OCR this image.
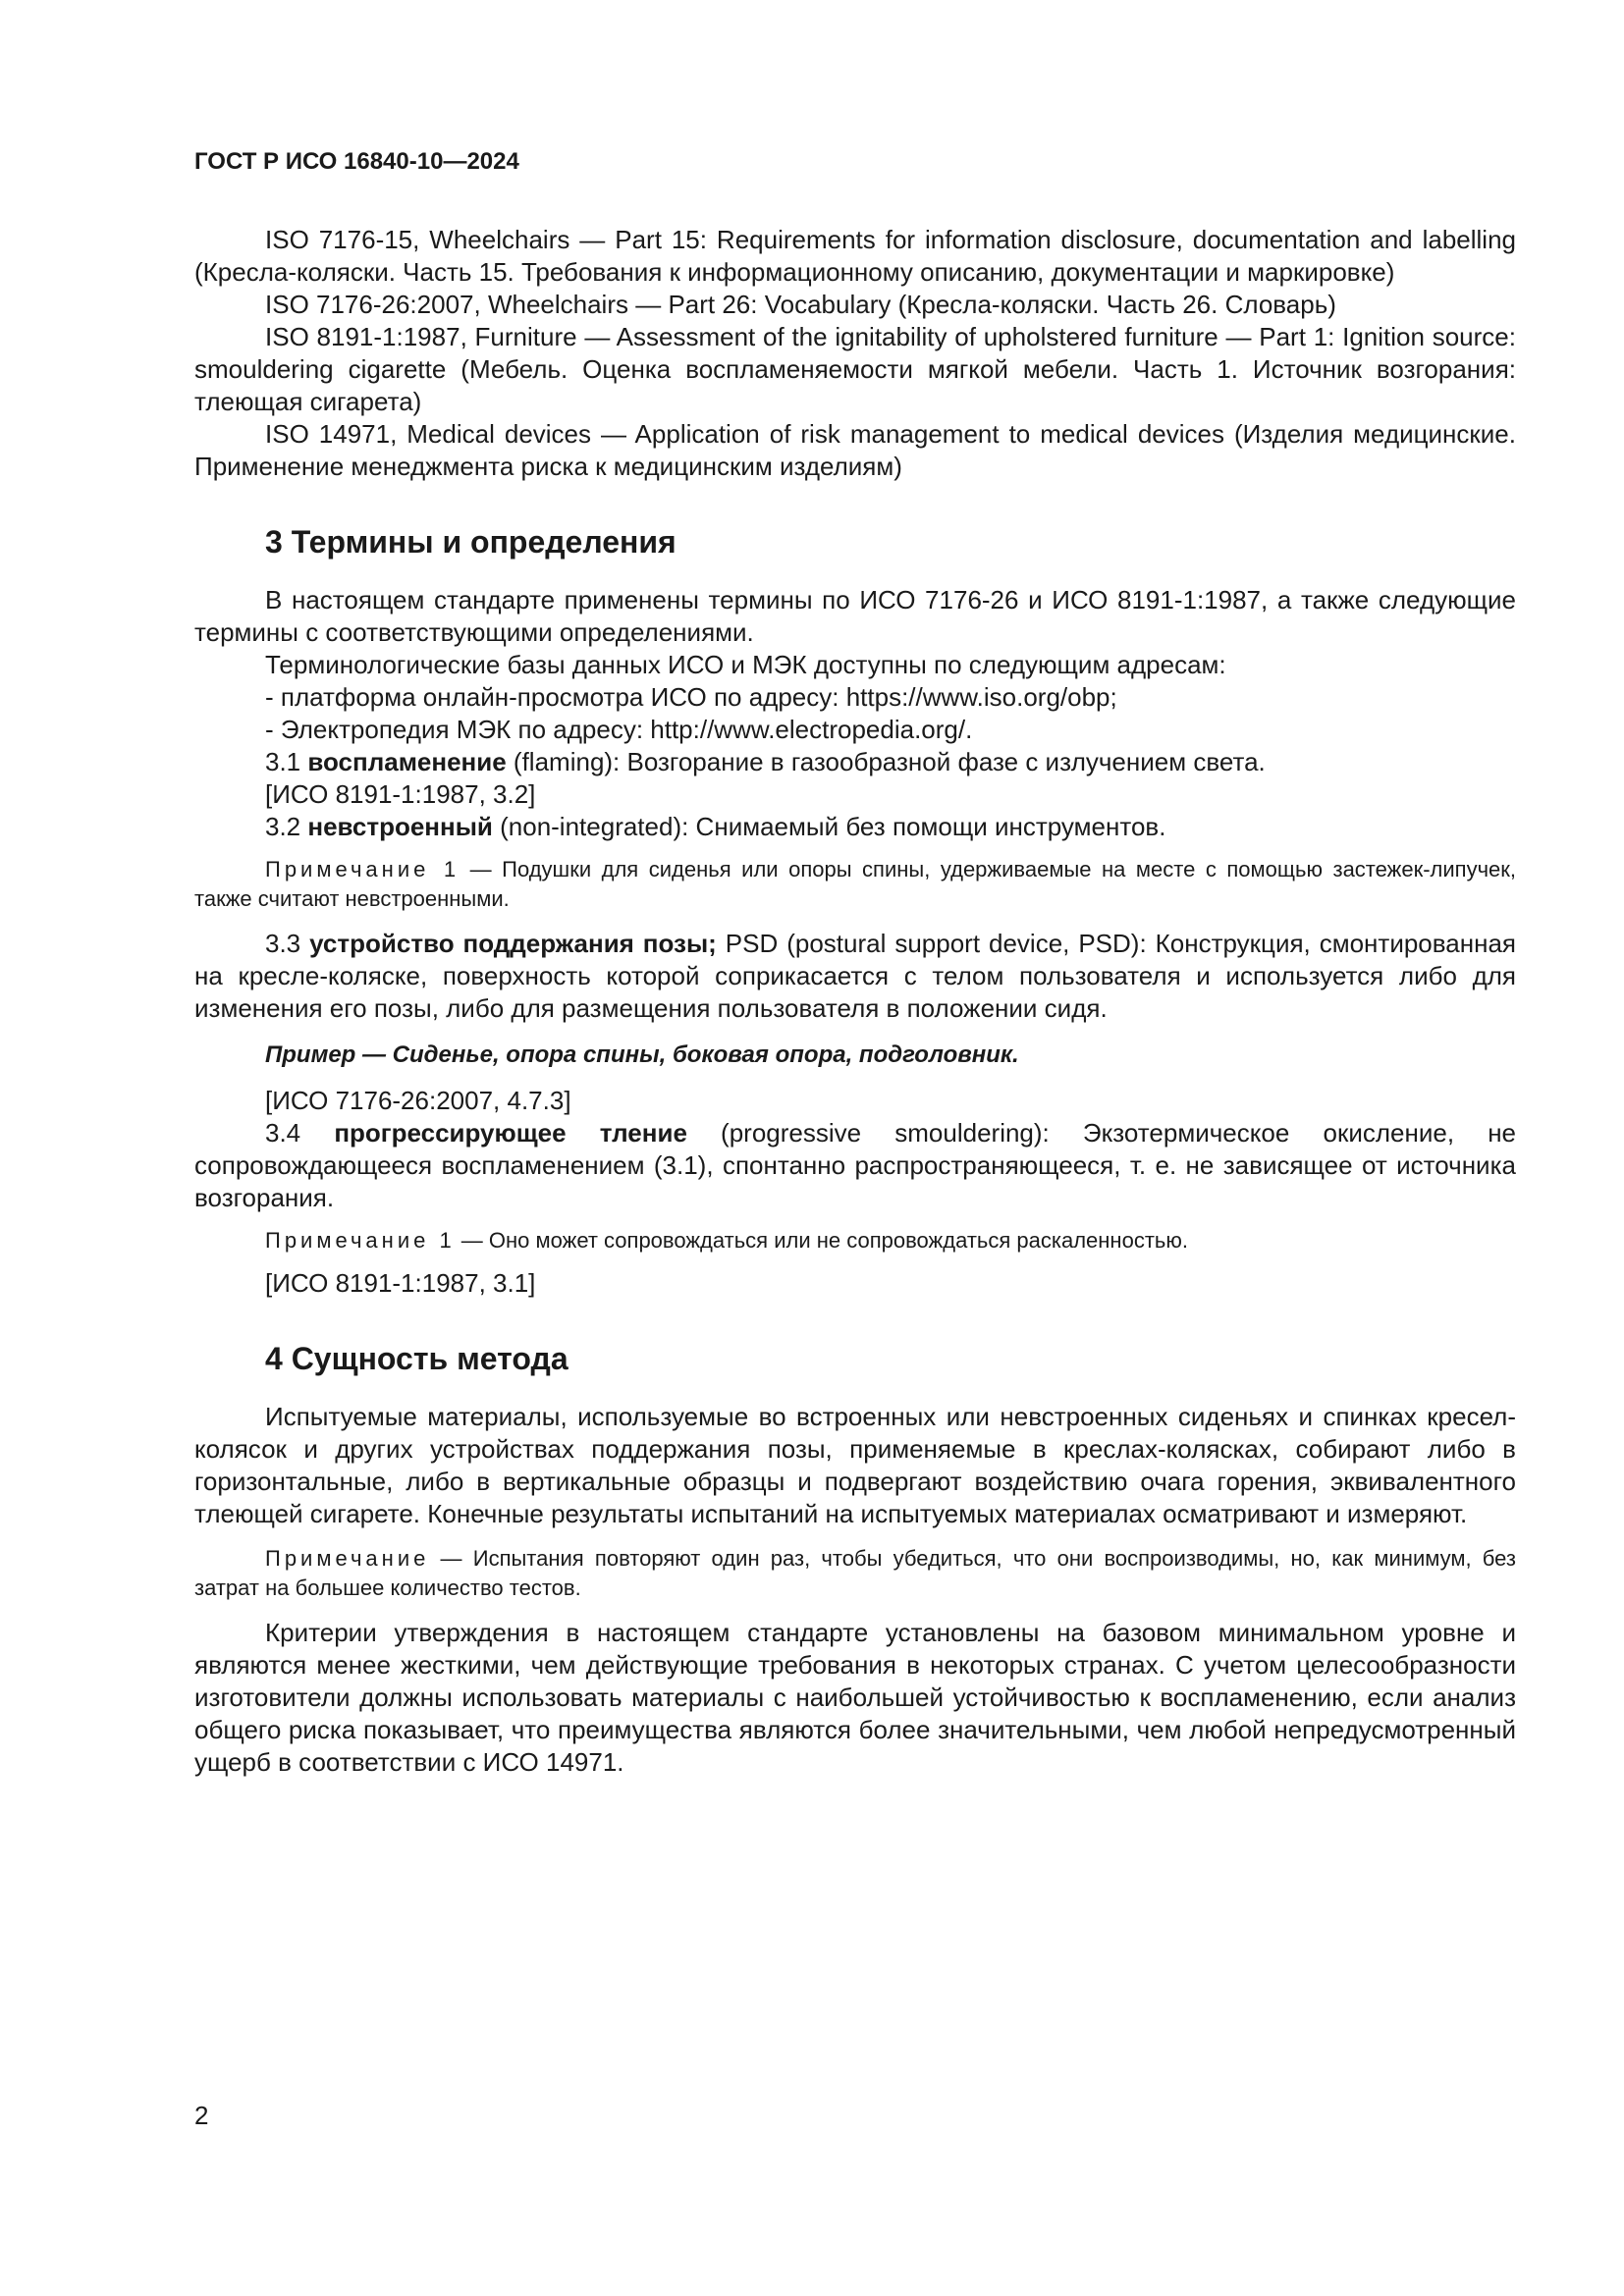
ГОСТ Р ИСО 16840-10—2024

ISO 7176-15, Wheelchairs — Part 15: Requirements for information disclosure, documentation and labelling (Кресла-коляски. Часть 15. Требования к информационному описанию, документации и маркировке)

ISO 7176-26:2007, Wheelchairs — Part 26: Vocabulary (Кресла-коляски. Часть 26. Словарь)

ISO 8191-1:1987, Furniture — Assessment of the ignitability of upholstered furniture — Part 1: Ignition source: smouldering cigarette (Мебель. Оценка воспламеняемости мягкой мебели. Часть 1. Источник возгорания: тлеющая сигарета)

ISO 14971, Medical devices — Application of risk management to medical devices (Изделия медицинские. Применение менеджмента риска к медицинским изделиям)

3 Термины и определения

В настоящем стандарте применены термины по ИСО 7176-26 и ИСО 8191-1:1987, а также следующие термины с соответствующими определениями.

Терминологические базы данных ИСО и МЭК доступны по следующим адресам:

- платформа онлайн-просмотра ИСО по адресу: https://www.iso.org/obp;

- Электропедия МЭК по адресу: http://www.electropedia.org/.

3.1 воспламенение (flaming): Возгорание в газообразной фазе с излучением света.

[ИСО 8191-1:1987, 3.2]

3.2 невстроенный (non-integrated): Снимаемый без помощи инструментов.

Примечание 1 — Подушки для сиденья или опоры спины, удерживаемые на месте с помощью застежек-липучек, также считают невстроенными.

3.3 устройство поддержания позы; PSD (postural support device, PSD): Конструкция, смонтированная на кресле-коляске, поверхность которой соприкасается с телом пользователя и используется либо для изменения его позы, либо для размещения пользователя в положении сидя.

Пример — Сиденье, опора спины, боковая опора, подголовник.

[ИСО 7176-26:2007, 4.7.3]

3.4 прогрессирующее тление (progressive smouldering): Экзотермическое окисление, не сопровождающееся воспламенением (3.1), спонтанно распространяющееся, т. е. не зависящее от источника возгорания.

Примечание 1 — Оно может сопровождаться или не сопровождаться раскаленностью.

[ИСО 8191-1:1987, 3.1]

4 Сущность метода

Испытуемые материалы, используемые во встроенных или невстроенных сиденьях и спинках кресел-колясок и других устройствах поддержания позы, применяемые в креслах-колясках, собирают либо в горизонтальные, либо в вертикальные образцы и подвергают воздействию очага горения, эквивалентного тлеющей сигарете. Конечные результаты испытаний на испытуемых материалах осматривают и измеряют.

Примечание — Испытания повторяют один раз, чтобы убедиться, что они воспроизводимы, но, как минимум, без затрат на большее количество тестов.

Критерии утверждения в настоящем стандарте установлены на базовом минимальном уровне и являются менее жесткими, чем действующие требования в некоторых странах. С учетом целесообразности изготовители должны использовать материалы с наибольшей устойчивостью к воспламенению, если анализ общего риска показывает, что преимущества являются более значительными, чем любой непредусмотренный ущерб в соответствии с ИСО 14971.

2
